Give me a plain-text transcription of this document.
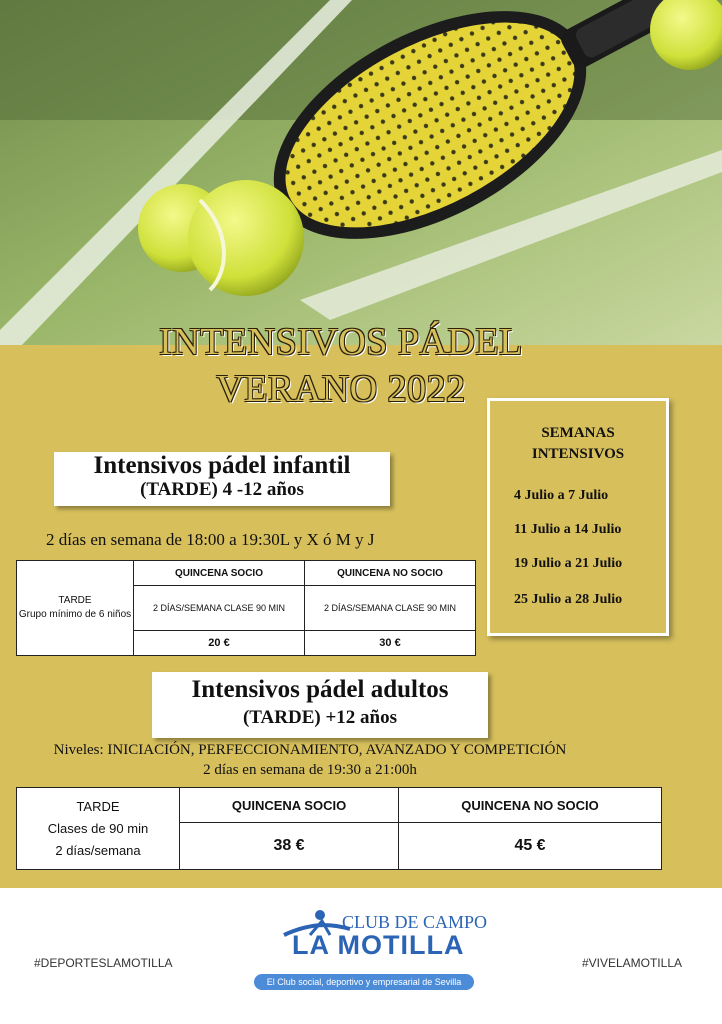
INTENSIVOS PÁDEL
VERANO 2022
Intensivos pádel infantil
(TARDE) 4 -12 años
2 días en semana de 18:00 a 19:30L y X ó M y J
TARDE
Grupo mínimo de 6 niños	QUINCENA SOCIO	QUINCENA NO SOCIO
	2 DÍAS/SEMANA CLASE 90 MIN	2 DÍAS/SEMANA CLASE 90 MIN
	20 €	30 €
SEMANAS
INTENSIVOS
4 Julio a 7 Julio
11 Julio a 14 Julio
19 Julio a 21 Julio
25 Julio a 28 Julio
Intensivos pádel adultos
(TARDE) +12 años
Niveles: INICIACIÓN, PERFECCIONAMIENTO, AVANZADO Y COMPETICIÓN
2 días en semana de 19:30 a 21:00h
TARDE
Clases de 90 min
2 días/semana	QUINCENA SOCIO	QUINCENA NO SOCIO
	38 €	45 €
#DEPORTESLAMOTILLA	#VIVELAMOTILLA
CLUB DE CAMPO
LA MOTILLA
El Club social, deportivo y empresarial de Sevilla
